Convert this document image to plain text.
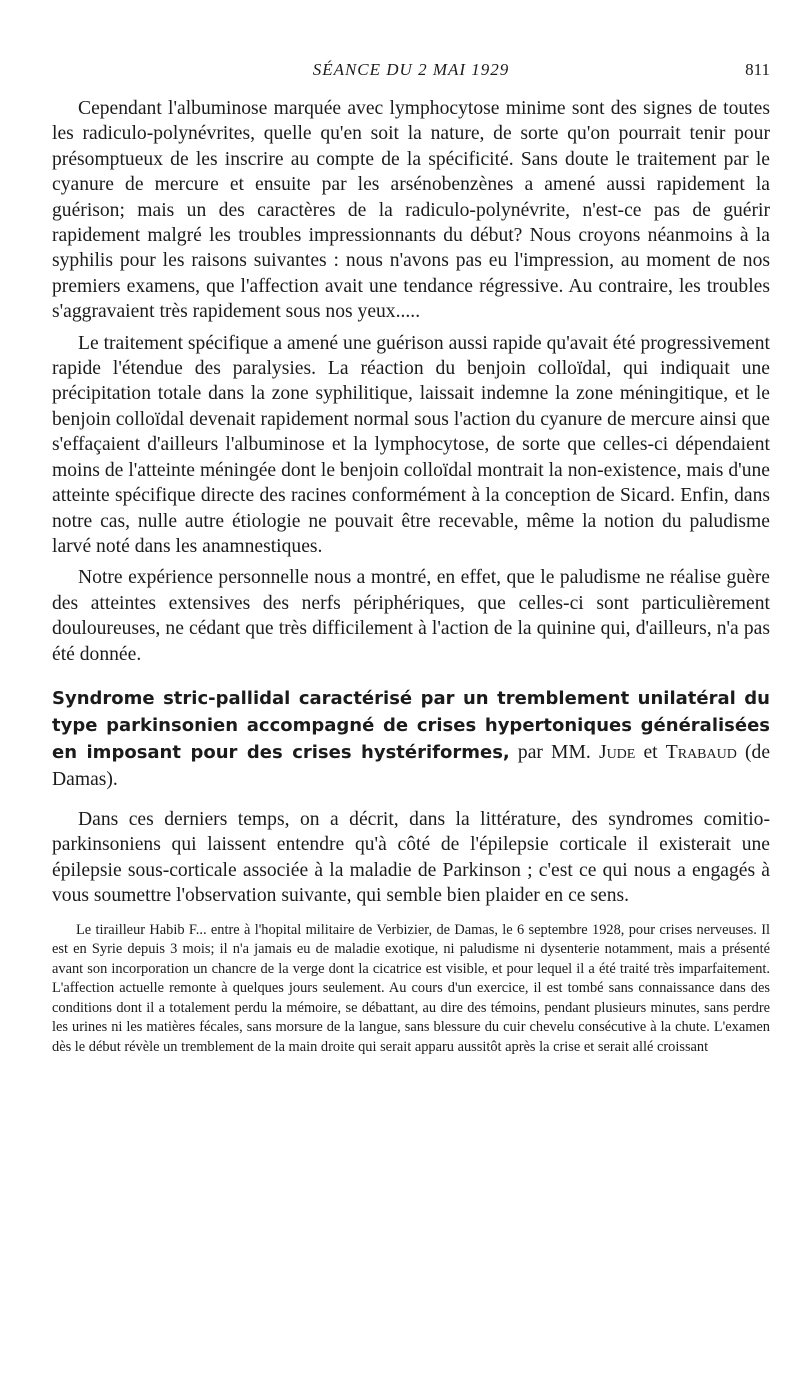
SÉANCE DU 2 MAI 1929	811

Cependant l'albuminose marquée avec lymphocytose minime sont des signes de toutes les radiculo-polynévrites, quelle qu'en soit la nature, de sorte qu'on pourrait tenir pour présomptueux de les inscrire au compte de la spécificité. Sans doute le traitement par le cyanure de mercure et ensuite par les arsénobenzènes a amené aussi rapidement la guérison; mais un des caractères de la radiculo-polynévrite, n'est-ce pas de guérir rapidement malgré les troubles impressionnants du début? Nous croyons néanmoins à la syphilis pour les raisons suivantes : nous n'avons pas eu l'impression, au moment de nos premiers examens, que l'affection avait une tendance régressive. Au contraire, les troubles s'aggravaient très rapidement sous nos yeux.....

Le traitement spécifique a amené une guérison aussi rapide qu'avait été progressivement rapide l'étendue des paralysies. La réaction du benjoin colloïdal, qui indiquait une précipitation totale dans la zone syphilitique, laissait indemne la zone méningitique, et le benjoin colloïdal devenait rapidement normal sous l'action du cyanure de mercure ainsi que s'effaçaient d'ailleurs l'albuminose et la lymphocytose, de sorte que celles-ci dépendaient moins de l'atteinte méningée dont le benjoin colloïdal montrait la non-existence, mais d'une atteinte spécifique directe des racines conformément à la conception de Sicard. Enfin, dans notre cas, nulle autre étiologie ne pouvait être recevable, même la notion du paludisme larvé noté dans les anamnestiques.

Notre expérience personnelle nous a montré, en effet, que le paludisme ne réalise guère des atteintes extensives des nerfs périphériques, que celles-ci sont particulièrement douloureuses, ne cédant que très difficilement à l'action de la quinine qui, d'ailleurs, n'a pas été donnée.

Syndrome stric-pallidal caractérisé par un tremblement unilatéral du type parkinsonien accompagné de crises hypertoniques généralisées en imposant pour des crises hystériformes, par MM. Jude et Trabaud (de Damas).

Dans ces derniers temps, on a décrit, dans la littérature, des syndromes comitio-parkinsoniens qui laissent entendre qu'à côté de l'épilepsie corticale il existerait une épilepsie sous-corticale associée à la maladie de Parkinson ; c'est ce qui nous a engagés à vous soumettre l'observation suivante, qui semble bien plaider en ce sens.

Le tirailleur Habib F... entre à l'hopital militaire de Verbizier, de Damas, le 6 septembre 1928, pour crises nerveuses. Il est en Syrie depuis 3 mois; il n'a jamais eu de maladie exotique, ni paludisme ni dysenterie notamment, mais a présenté avant son incorporation un chancre de la verge dont la cicatrice est visible, et pour lequel il a été traité très imparfaitement. L'affection actuelle remonte à quelques jours seulement. Au cours d'un exercice, il est tombé sans connaissance dans des conditions dont il a totalement perdu la mémoire, se débattant, au dire des témoins, pendant plusieurs minutes, sans perdre les urines ni les matières fécales, sans morsure de la langue, sans blessure du cuir chevelu consécutive à la chute. L'examen dès le début révèle un tremblement de la main droite qui serait apparu aussitôt après la crise et serait allé croissant
